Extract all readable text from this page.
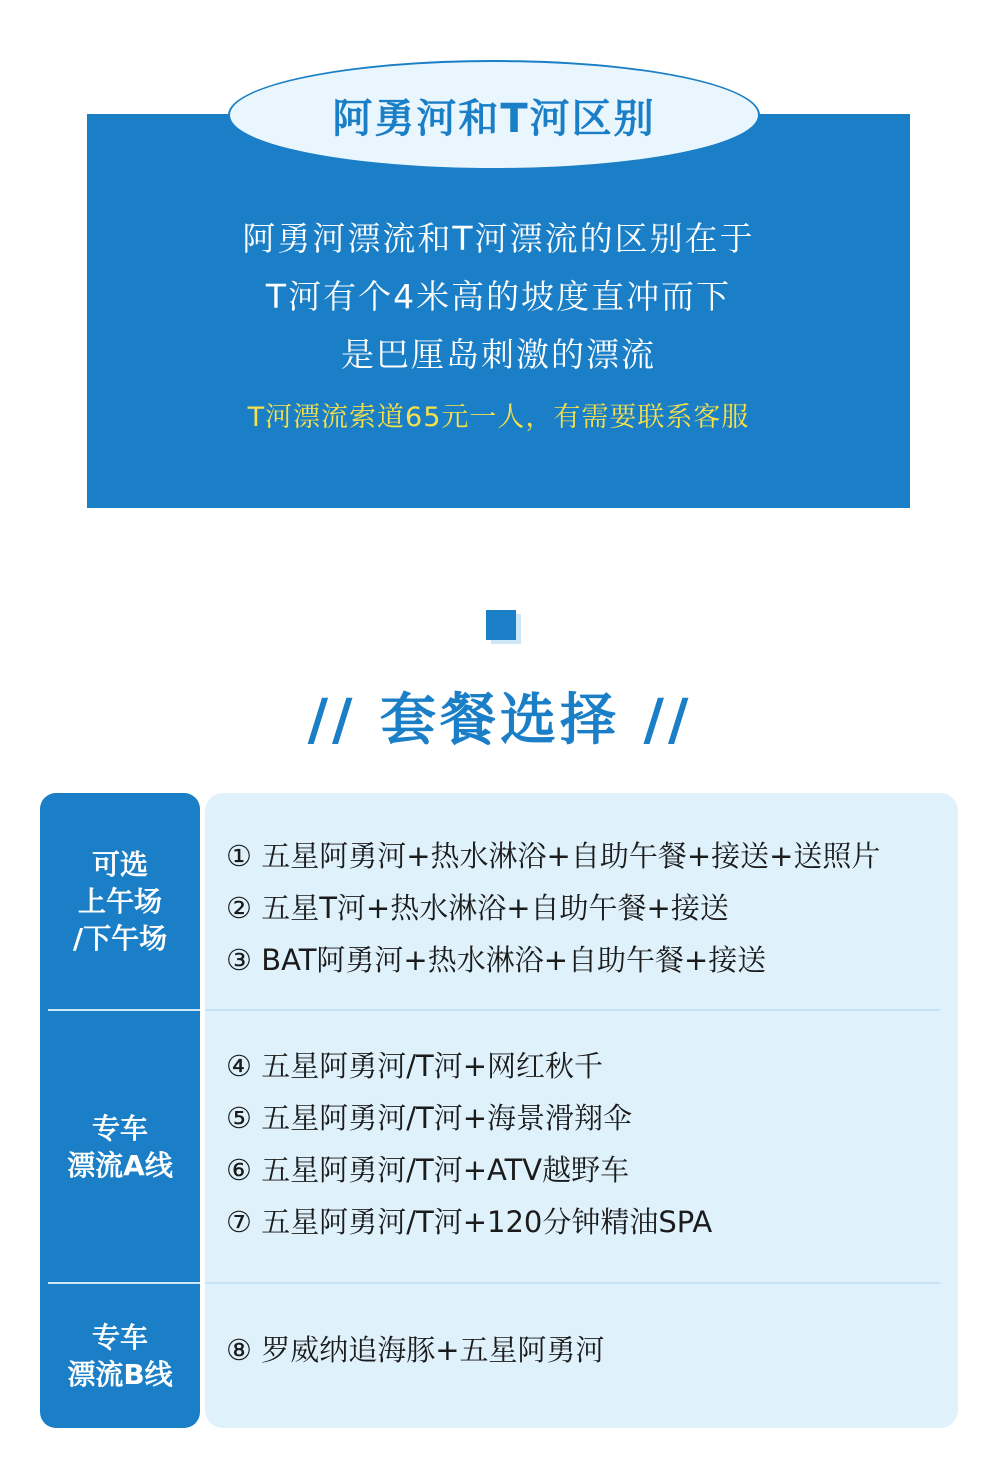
阿勇河和T河区别
阿勇河漂流和T河漂流的区别在于
T河有个4米高的坡度直冲而下
是巴厘岛刺激的漂流
T河漂流索道65元一人，有需要联系客服
// 套餐选择 //
可选
上午场
/下午场
① 五星阿勇河+热水淋浴+自助午餐+接送+送照片
② 五星T河+热水淋浴+自助午餐+接送
③ BAT阿勇河+热水淋浴+自助午餐+接送
专车
漂流A线
④ 五星阿勇河/T河+网红秋千
⑤ 五星阿勇河/T河+海景滑翔伞
⑥ 五星阿勇河/T河+ATV越野车
⑦ 五星阿勇河/T河+120分钟精油SPA
专车
漂流B线
⑧ 罗威纳追海豚+五星阿勇河
